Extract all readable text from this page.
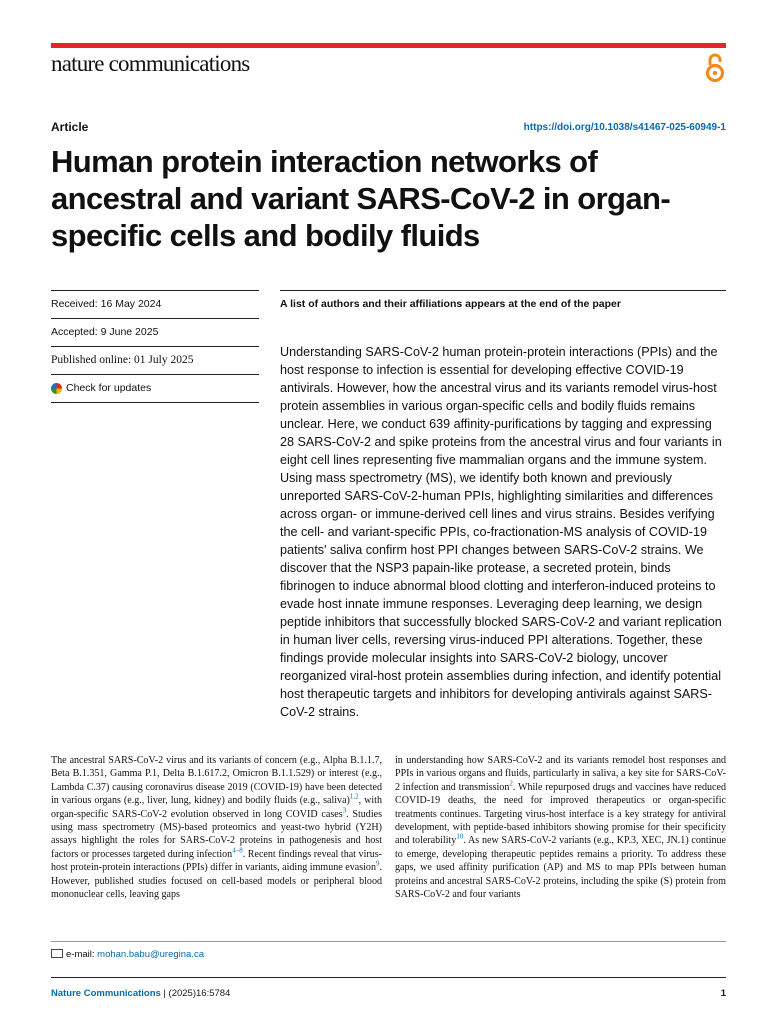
nature communications
Article	https://doi.org/10.1038/s41467-025-60949-1
Human protein interaction networks of ancestral and variant SARS-CoV-2 in organ-specific cells and bodily fluids
Received: 16 May 2024
Accepted: 9 June 2025
Published online: 01 July 2025
Check for updates
A list of authors and their affiliations appears at the end of the paper

Understanding SARS-CoV-2 human protein-protein interactions (PPIs) and the host response to infection is essential for developing effective COVID-19 antivirals. However, how the ancestral virus and its variants remodel virus-host protein assemblies in various organ-specific cells and bodily fluids remains unclear. Here, we conduct 639 affinity-purifications by tagging and expressing 28 SARS-CoV-2 and spike proteins from the ancestral virus and four variants in eight cell lines representing five mammalian organs and the immune system. Using mass spectrometry (MS), we identify both known and previously unreported SARS-CoV-2-human PPIs, highlighting similarities and differences across organ- or immune-derived cell lines and virus strains. Besides verifying the cell- and variant-specific PPIs, co-fractionation-MS analysis of COVID-19 patients' saliva confirm host PPI changes between SARS-CoV-2 strains. We discover that the NSP3 papain-like protease, a secreted protein, binds fibrinogen to induce abnormal blood clotting and interferon-induced proteins to evade host innate immune responses. Leveraging deep learning, we design peptide inhibitors that successfully blocked SARS-CoV-2 and variant replication in human liver cells, reversing virus-induced PPI alterations. Together, these findings provide molecular insights into SARS-CoV-2 biology, uncover reorganized viral-host protein assemblies during infection, and identify potential host therapeutic targets and inhibitors for developing antivirals against SARS-CoV-2 strains.

The ancestral SARS-CoV-2 virus and its variants of concern (e.g., Alpha B.1.1.7, Beta B.1.351, Gamma P.1, Delta B.1.617.2, Omicron B.1.1.529) or interest (e.g., Lambda C.37) causing coronavirus disease 2019 (COVID-19) have been detected in various organs (e.g., liver, lung, kidney) and bodily fluids (e.g., saliva)$^{1,2}$, with organ-specific SARS-CoV-2 evolution observed in long COVID cases$^3$. Studies using mass spectrometry (MS)-based proteomics and yeast-two hybrid (Y2H) assays highlight the roles for SARS-CoV-2 proteins in pathogenesis and host factors or processes targeted during infection$^{4-8}$. Recent findings reveal that virus-host protein-protein interactions (PPIs) differ in variants, aiding immune evasion$^9$. However, published studies focused on cell-based models or peripheral blood mononuclear cells, leaving gaps

in understanding how SARS-CoV-2 and its variants remodel host responses and PPIs in various organs and fluids, particularly in saliva, a key site for SARS-CoV-2 infection and transmission$^2$. While repurposed drugs and vaccines have reduced COVID-19 deaths, the need for improved therapeutics or organ-specific treatments continues. Targeting virus-host interface is a key strategy for antiviral development, with peptide-based inhibitors showing promise for their specificity and tolerability$^{10}$. As new SARS-CoV-2 variants (e.g., KP.3, XEC, JN.1) continue to emerge, developing therapeutic peptides remains a priority. To address these gaps, we used affinity purification (AP) and MS to map PPIs between human proteins and ancestral SARS-CoV-2 proteins, including the spike (S) protein from SARS-CoV-2 and four variants

e-mail: mohan.babu@uregina.ca
Nature Communications | (2025)16:5784	1
